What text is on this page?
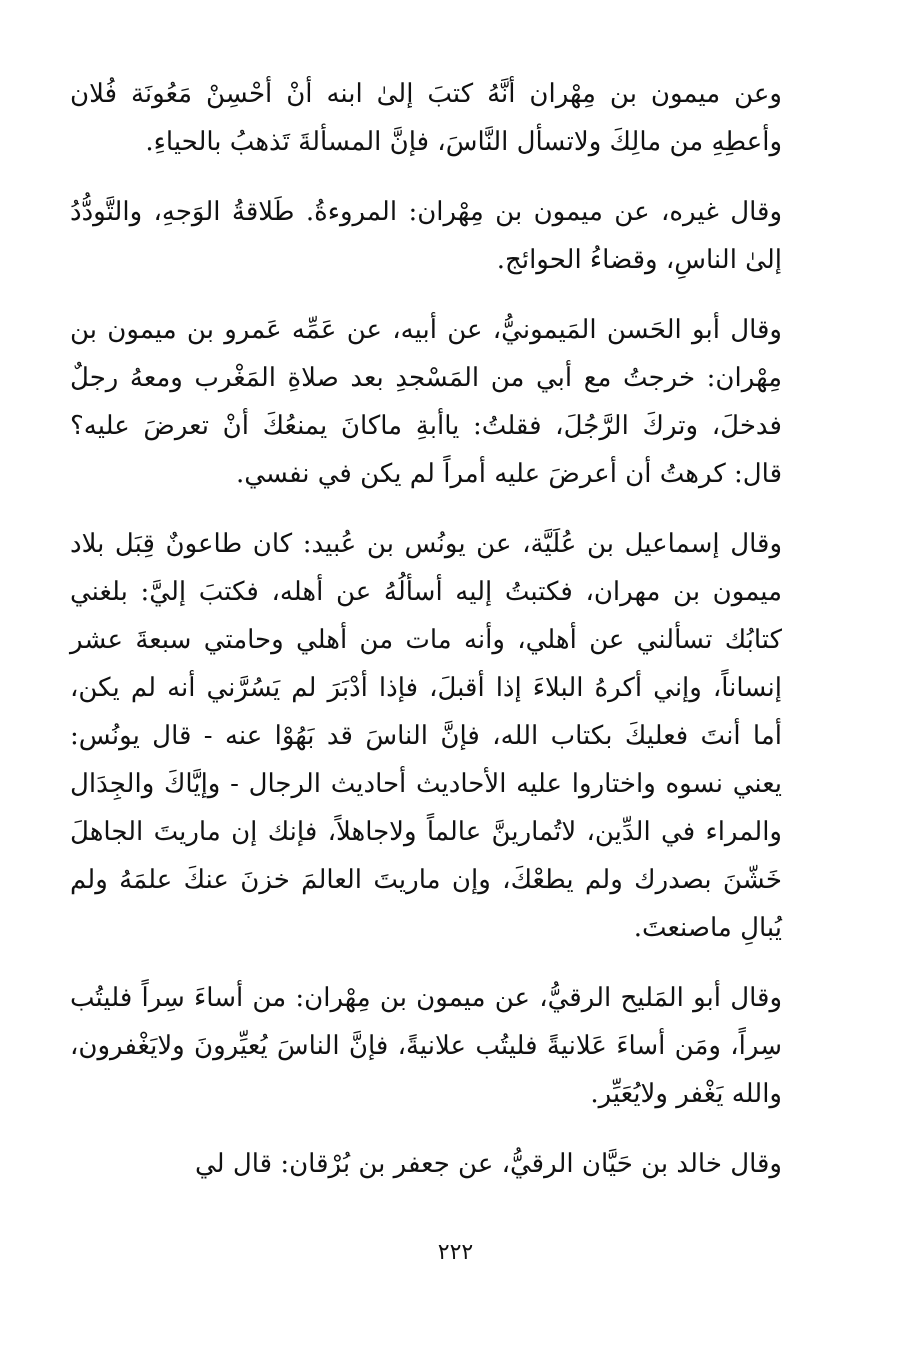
وعن ميمون بن مِهْران أنَّهُ كتبَ إلىٰ ابنه أنْ أحْسِنْ مَعُونَة فُلان وأعطِهِ من مالِكَ ولاتسأل النَّاسَ، فإنَّ المسألةَ تَذهبُ بالحياءِ.

وقال غيره، عن ميمون بن مِهْران: المروءةُ. طَلاقةُ الوَجهِ، والتَّودُّدُ إلىٰ الناسِ، وقضاءُ الحوائج.

وقال أبو الحَسن المَيمونيُّ، عن أبيه، عن عَمِّه عَمرو بن ميمون بن مِهْران: خرجتُ مع أبي من المَسْجدِ بعد صلاةِ المَغْرب ومعهُ رجلٌ فدخلَ، وتركَ الرَّجُلَ، فقلتُ: ياأبةِ ماكانَ يمنعُكَ أنْ تعرضَ عليه؟ قال: كرهتُ أن أعرضَ عليه أمراً لم يكن في نفسي.

وقال إسماعيل بن عُلَيَّة، عن يونُس بن عُبيد: كان طاعونٌ قِبَل بلاد ميمون بن مهران، فكتبتُ إليه أسألُهُ عن أهله، فكتبَ إليَّ: بلغني كتابُك تسألني عن أهلي، وأنه مات من أهلي وحامتي سبعةَ عشر إنساناً، وإني أكرهُ البلاءَ إذا أقبلَ، فإذا أدْبَرَ لم يَسُرَّني أنه لم يكن، أما أنتَ فعليكَ بكتاب الله، فإنَّ الناسَ قد بَهُوْا عنه - قال يونُس: يعني نسوه واختاروا عليه الأحاديث أحاديث الرجال - وإيَّاكَ والجِدَال والمراء في الدِّين، لاتُمارينَّ عالماً ولاجاهلاً، فإنك إن ماريتَ الجاهلَ خَشّنَ بصدرك ولم يطعْكَ، وإن ماريتَ العالمَ خزنَ عنكَ علمَهُ ولم يُبالِ ماصنعتَ.

وقال أبو المَليح الرقيُّ، عن ميمون بن مِهْران: من أساءَ سِراً فليتُب سِراً، ومَن أساءَ عَلانيةً فليتُب علانيةً، فإنَّ الناسَ يُعيِّرونَ ولايَغْفرون، والله يَغْفر ولايُعَيِّر.

وقال خالد بن حَيَّان الرقيُّ، عن جعفر بن بُرْقان: قال لي

٢٢٢
